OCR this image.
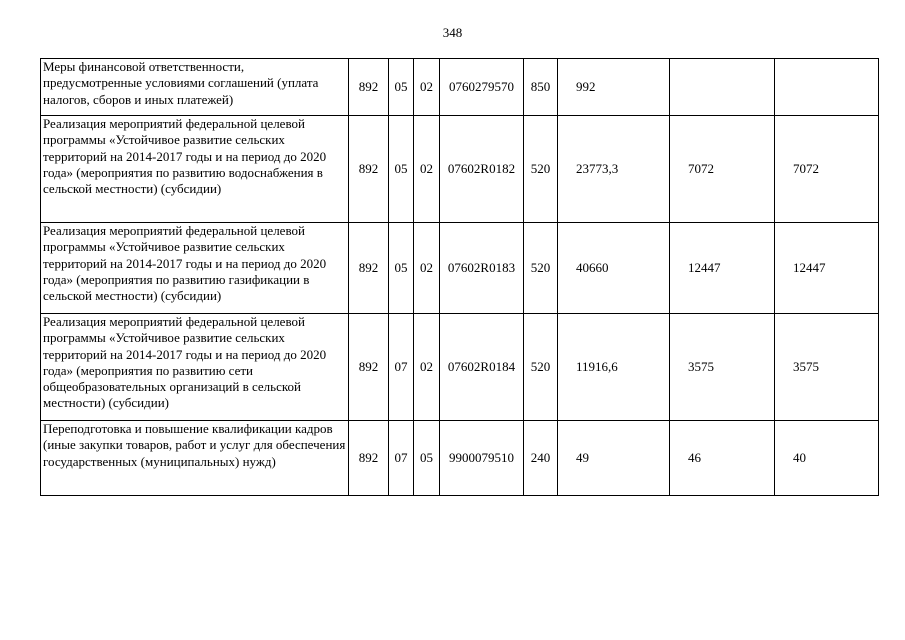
348
Меры финансовой ответственности, предусмотренные условиями соглашений (уплата налогов, сборов и иных платежей)	892	05	02	0760279570	850	992		
Реализация мероприятий федеральной целевой программы «Устойчивое развитие сельских территорий на 2014-2017 годы и на период до 2020 года» (мероприятия по развитию водоснабжения в сельской местности) (субсидии)	892	05	02	07602R0182	520	23773,3	7072	7072
Реализация мероприятий федеральной целевой программы «Устойчивое развитие сельских территорий на 2014-2017 годы и на период до 2020 года» (мероприятия по развитию газификации в сельской местности) (субсидии)	892	05	02	07602R0183	520	40660	12447	12447
Реализация мероприятий федеральной целевой программы «Устойчивое развитие сельских территорий на 2014-2017 годы и на период до 2020 года» (мероприятия по развитию сети общеобразовательных организаций в сельской местности) (субсидии)	892	07	02	07602R0184	520	11916,6	3575	3575
Переподготовка и повышение квалификации кадров (иные закупки товаров, работ и услуг для обеспечения государственных (муниципальных) нужд)	892	07	05	9900079510	240	49	46	40
